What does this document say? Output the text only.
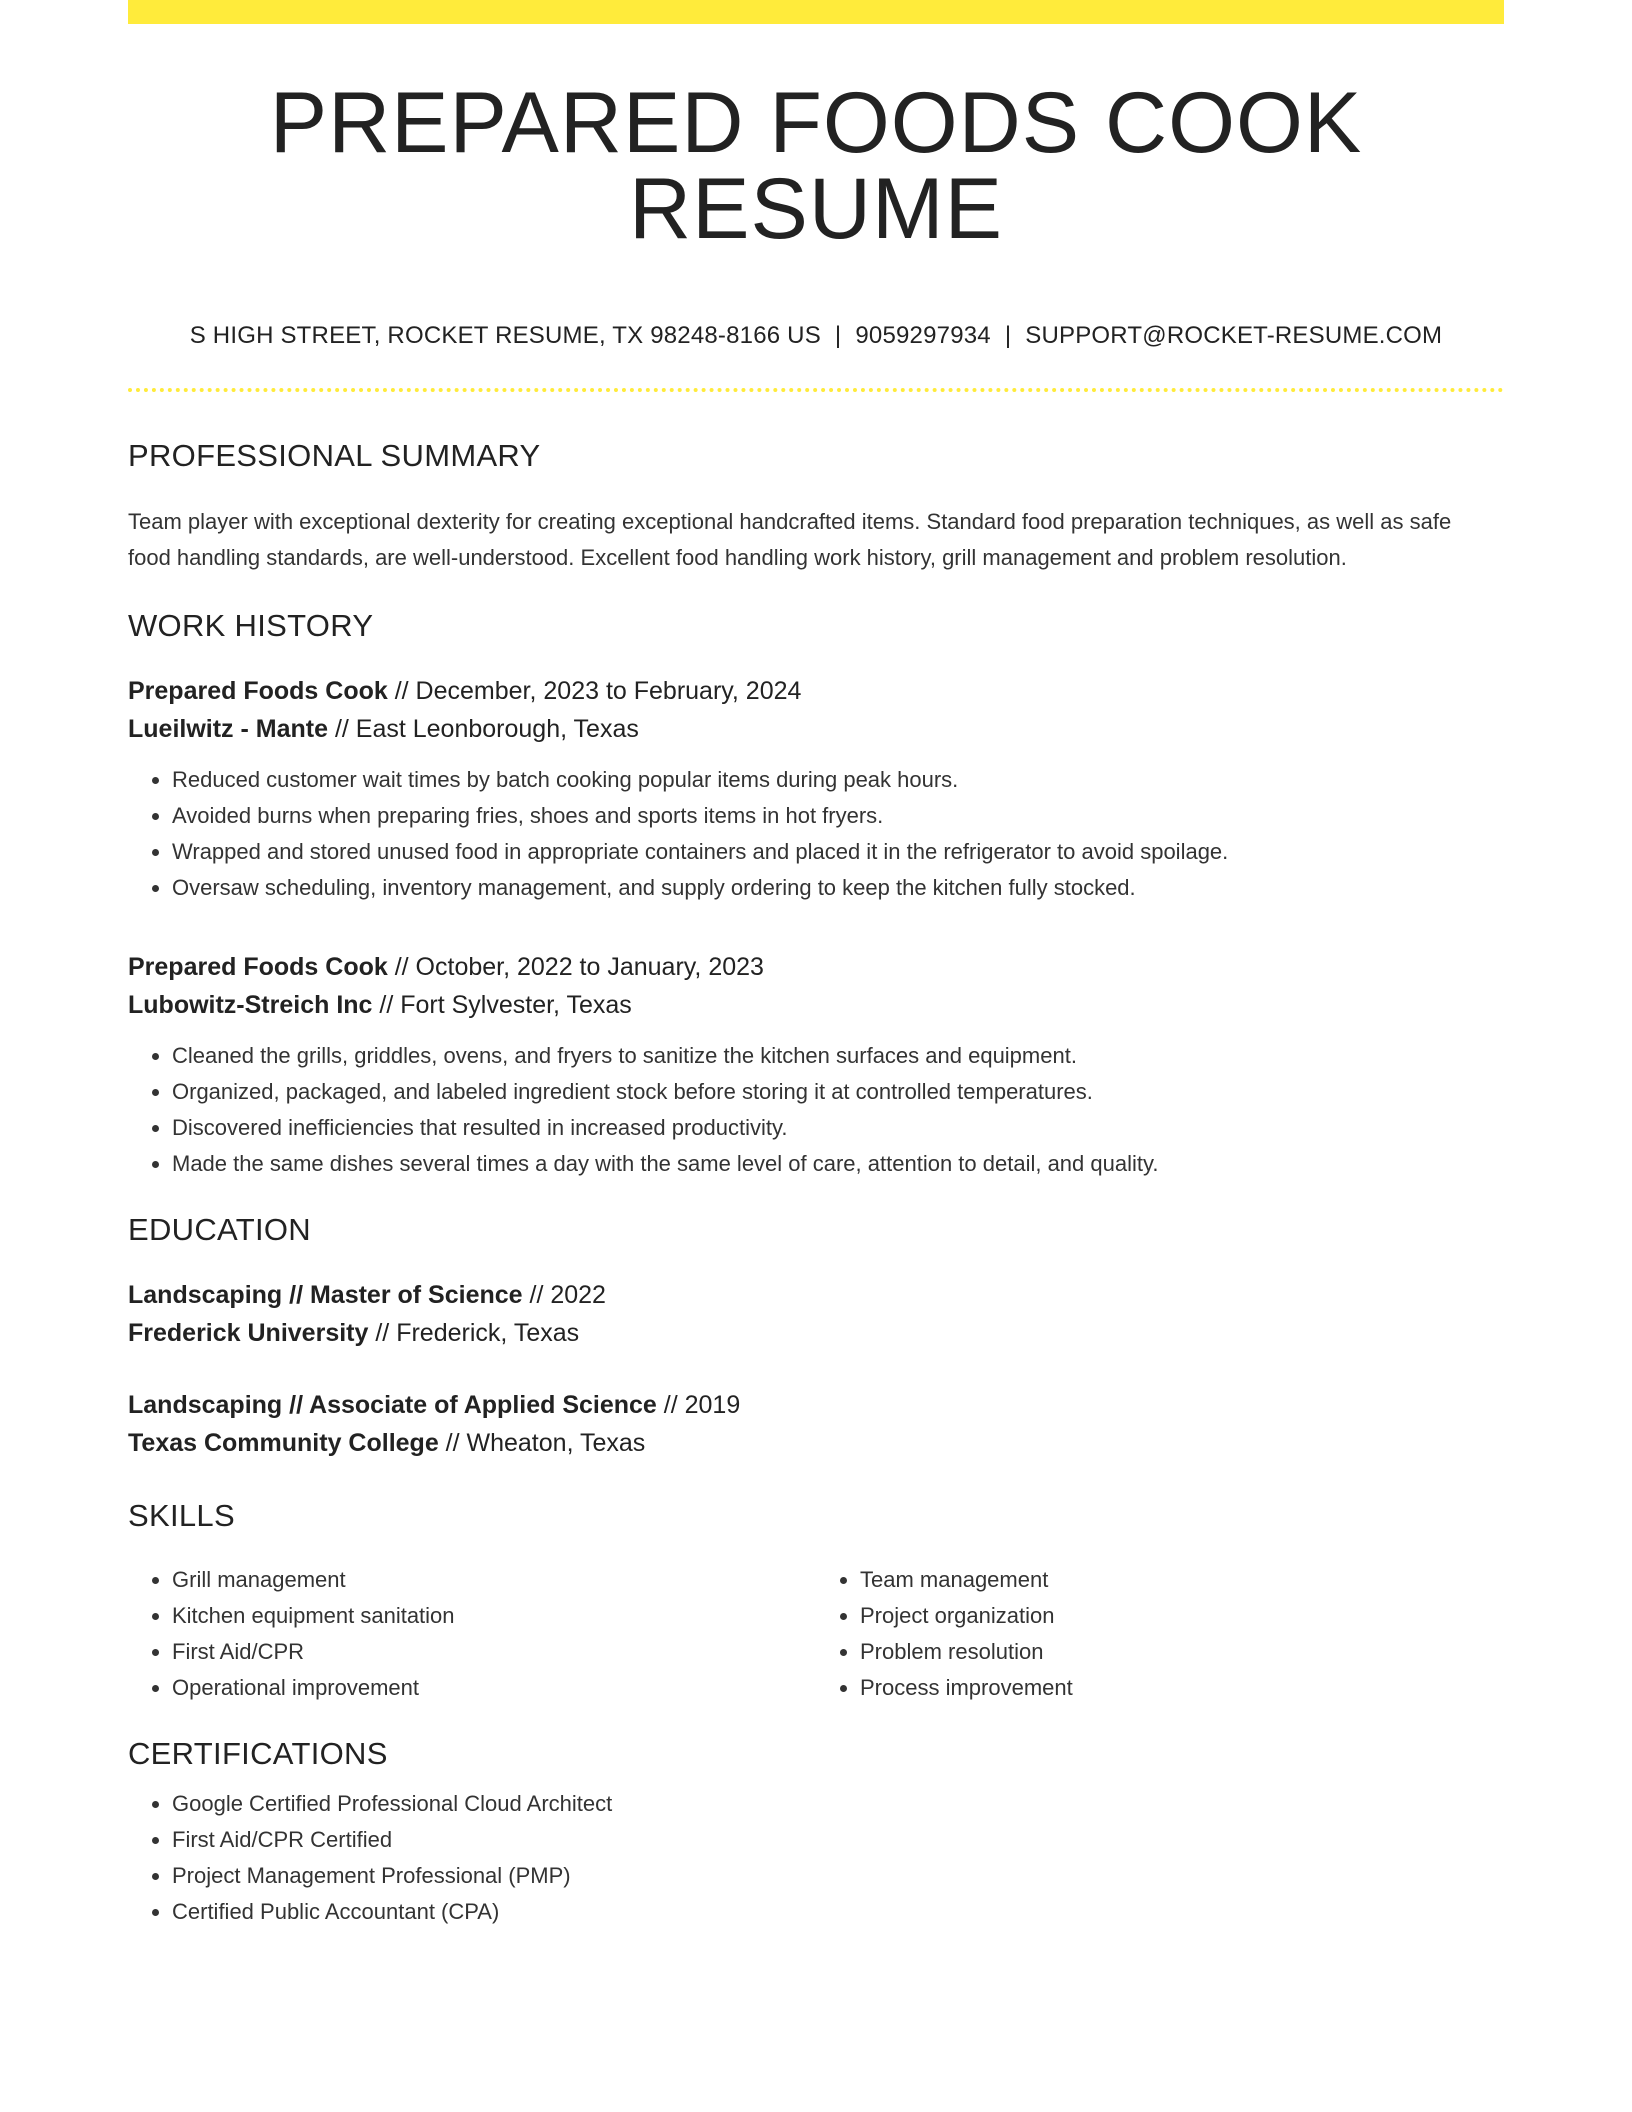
PREPARED FOODS COOK RESUME
S HIGH STREET, ROCKET RESUME, TX 98248-8166 US | 9059297934 | SUPPORT@ROCKET-RESUME.COM
PROFESSIONAL SUMMARY
Team player with exceptional dexterity for creating exceptional handcrafted items. Standard food preparation techniques, as well as safe food handling standards, are well-understood. Excellent food handling work history, grill management and problem resolution.
WORK HISTORY
Prepared Foods Cook // December, 2023 to February, 2024
Lueilwitz - Mante // East Leonborough, Texas
• Reduced customer wait times by batch cooking popular items during peak hours.
• Avoided burns when preparing fries, shoes and sports items in hot fryers.
• Wrapped and stored unused food in appropriate containers and placed it in the refrigerator to avoid spoilage.
• Oversaw scheduling, inventory management, and supply ordering to keep the kitchen fully stocked.
Prepared Foods Cook // October, 2022 to January, 2023
Lubowitz-Streich Inc // Fort Sylvester, Texas
• Cleaned the grills, griddles, ovens, and fryers to sanitize the kitchen surfaces and equipment.
• Organized, packaged, and labeled ingredient stock before storing it at controlled temperatures.
• Discovered inefficiencies that resulted in increased productivity.
• Made the same dishes several times a day with the same level of care, attention to detail, and quality.
EDUCATION
Landscaping // Master of Science // 2022
Frederick University // Frederick, Texas
Landscaping // Associate of Applied Science // 2019
Texas Community College // Wheaton, Texas
SKILLS
• Grill management
• Kitchen equipment sanitation
• First Aid/CPR
• Operational improvement
• Team management
• Project organization
• Problem resolution
• Process improvement
CERTIFICATIONS
• Google Certified Professional Cloud Architect
• First Aid/CPR Certified
• Project Management Professional (PMP)
• Certified Public Accountant (CPA)
